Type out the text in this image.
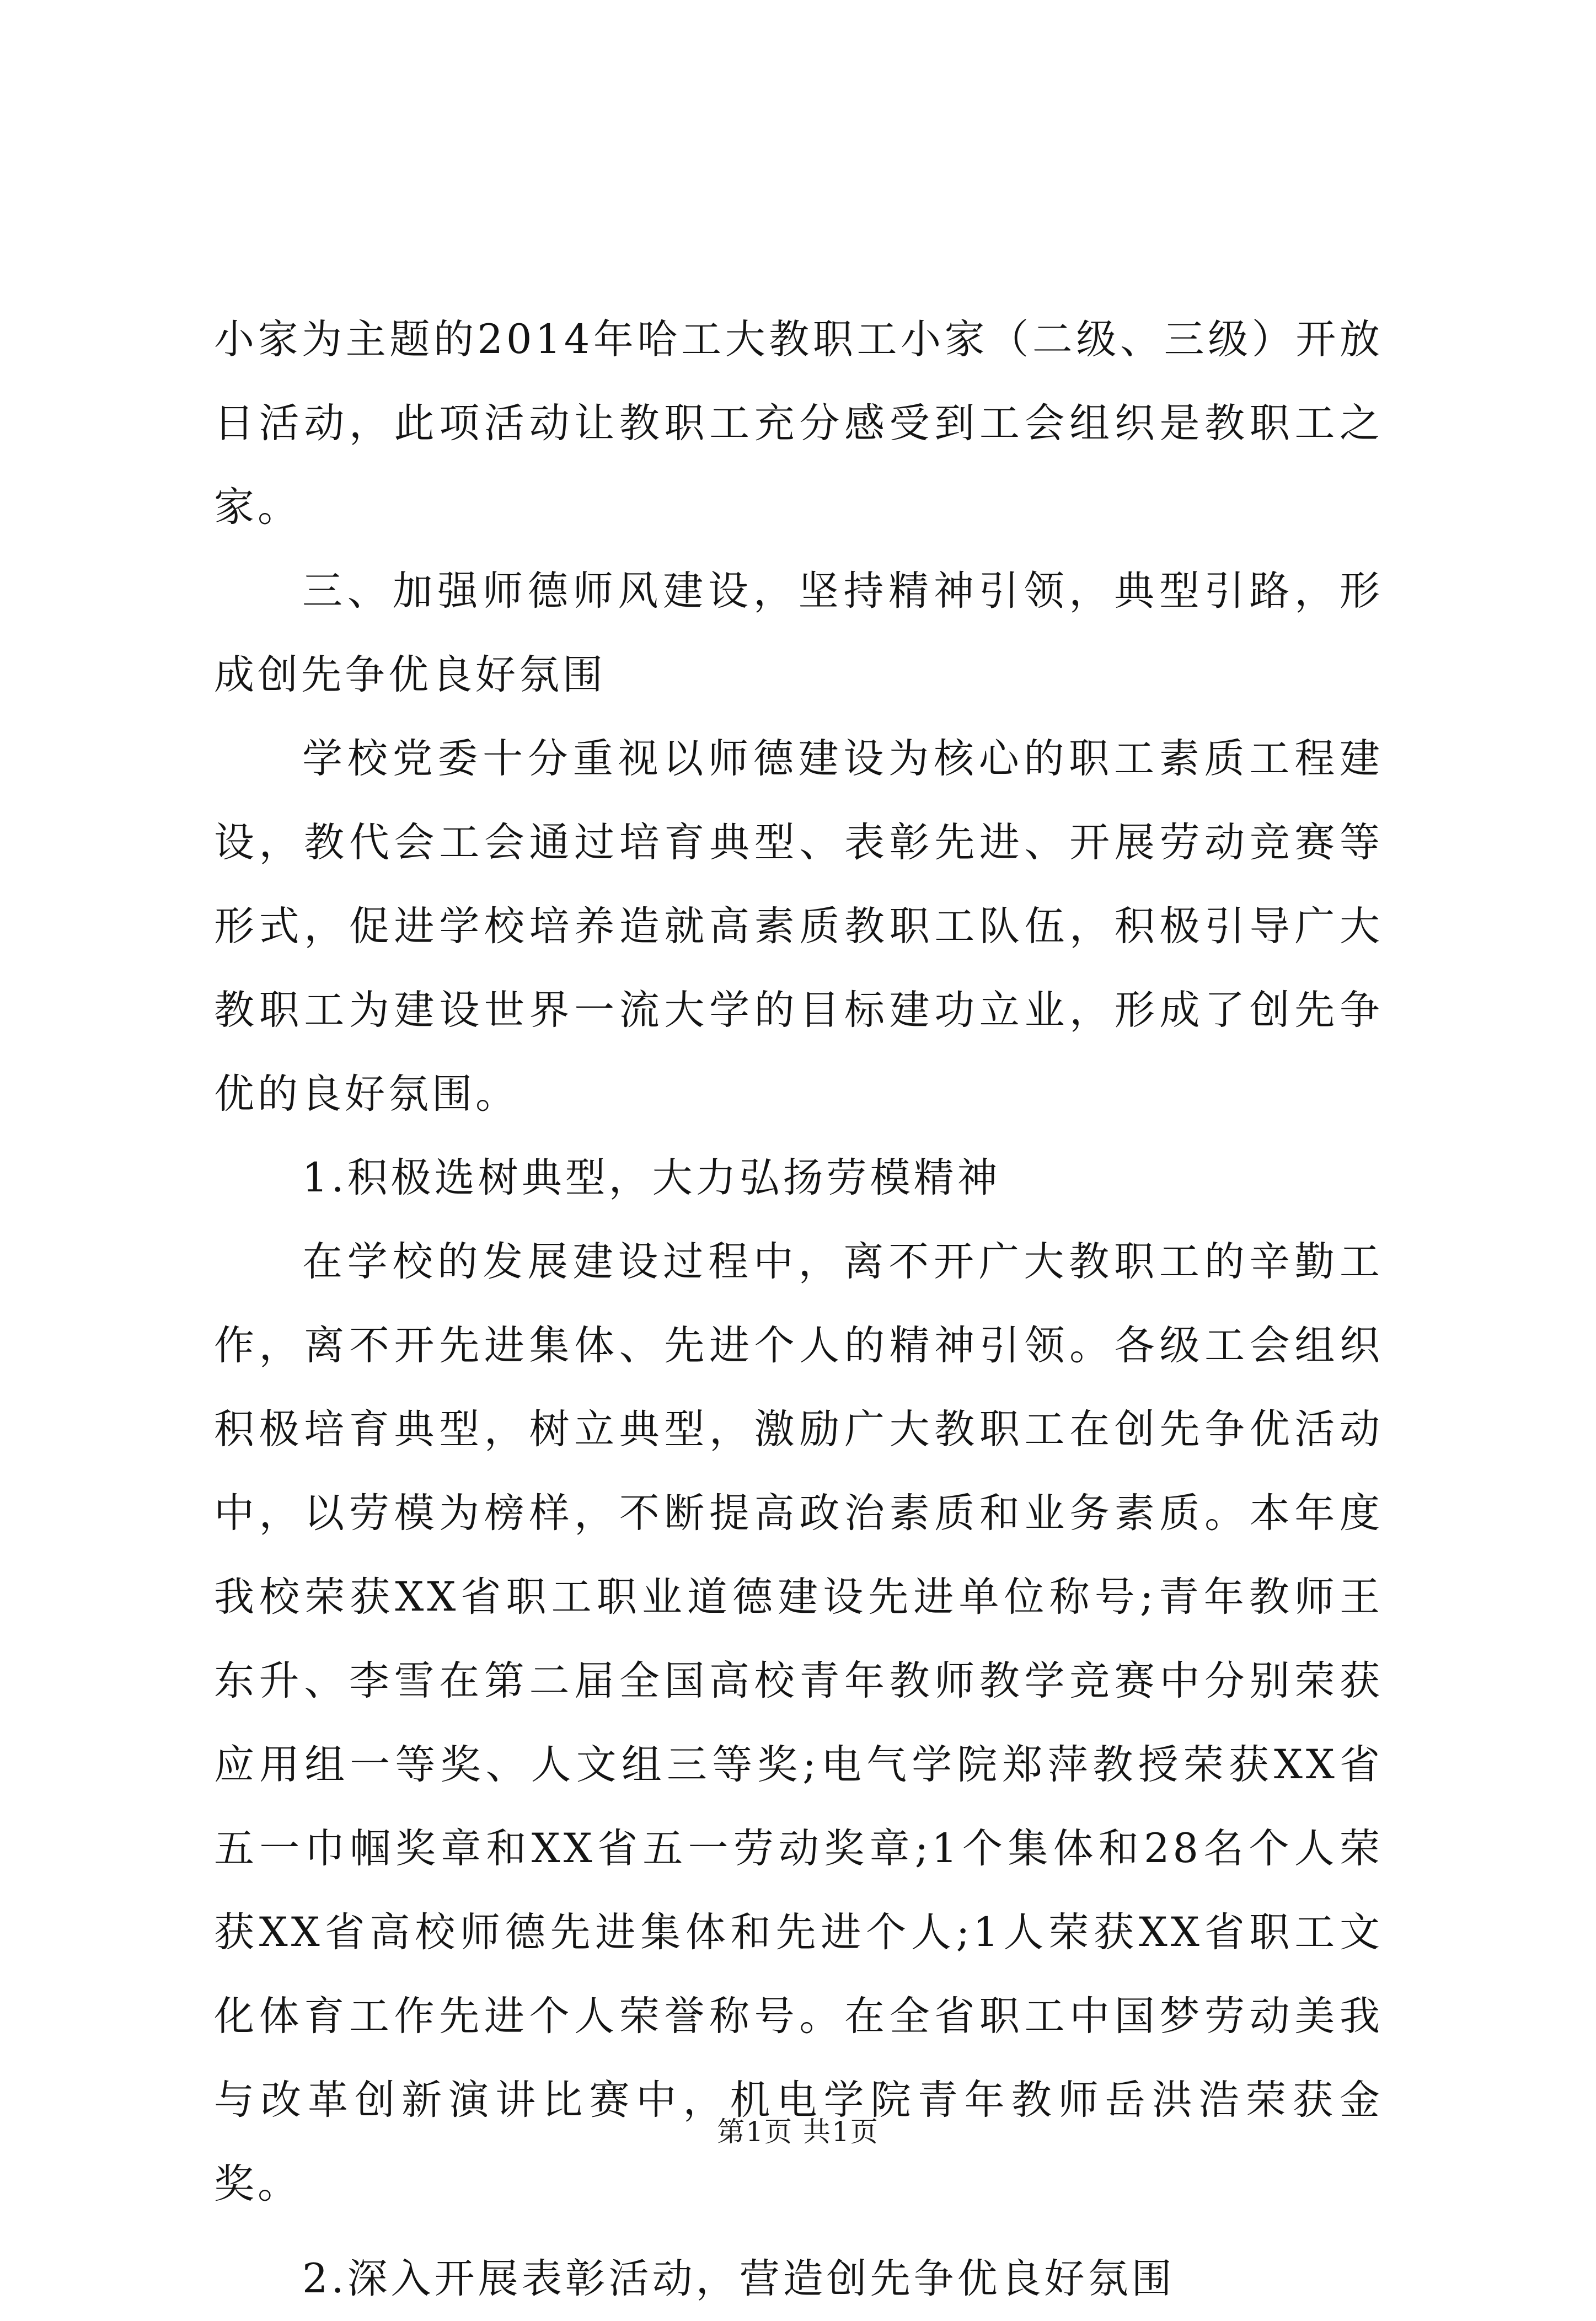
小家为主题的2014年哈工大教职工小家（二级、三级）开放日活动，此项活动让教职工充分感受到工会组织是教职工之家。

三、加强师德师风建设，坚持精神引领，典型引路，形成创先争优良好氛围

学校党委十分重视以师德建设为核心的职工素质工程建设，教代会工会通过培育典型、表彰先进、开展劳动竞赛等形式，促进学校培养造就高素质教职工队伍，积极引导广大教职工为建设世界一流大学的目标建功立业，形成了创先争优的良好氛围。

1.积极选树典型，大力弘扬劳模精神

在学校的发展建设过程中，离不开广大教职工的辛勤工作，离不开先进集体、先进个人的精神引领。各级工会组织积极培育典型，树立典型，激励广大教职工在创先争优活动中，以劳模为榜样，不断提高政治素质和业务素质。本年度我校荣获XX省职工职业道德建设先进单位称号;青年教师王东升、李雪在第二届全国高校青年教师教学竞赛中分别荣获应用组一等奖、人文组三等奖;电气学院郑萍教授荣获XX省五一巾帼奖章和XX省五一劳动奖章;1个集体和28名个人荣获XX省高校师德先进集体和先进个人;1人荣获XX省职工文化体育工作先进个人荣誉称号。在全省职工中国梦劳动美我与改革创新演讲比赛中，机电学院青年教师岳洪浩荣获金奖。

2.深入开展表彰活动，营造创先争优良好氛围

第1页 共1页
